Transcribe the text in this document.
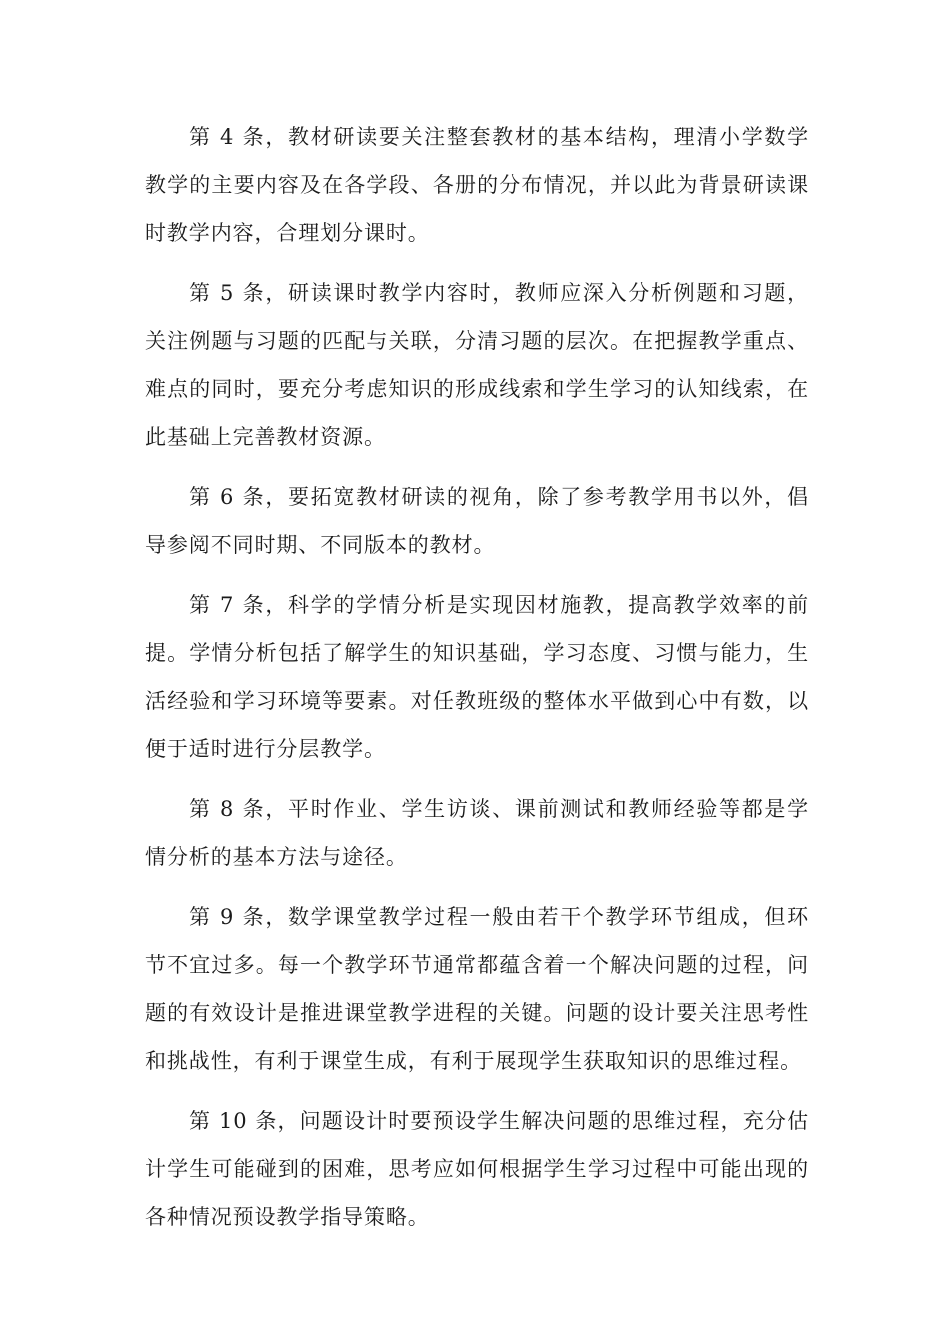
第 4 条，教材研读要关注整套教材的基本结构，理清小学数学教学的主要内容及在各学段、各册的分布情况，并以此为背景研读课时教学内容，合理划分课时。

第 5 条，研读课时教学内容时，教师应深入分析例题和习题，关注例题与习题的匹配与关联，分清习题的层次。在把握教学重点、难点的同时，要充分考虑知识的形成线索和学生学习的认知线索，在此基础上完善教材资源。

第 6 条，要拓宽教材研读的视角，除了参考教学用书以外，倡导参阅不同时期、不同版本的教材。

第 7 条，科学的学情分析是实现因材施教，提高教学效率的前提。学情分析包括了解学生的知识基础，学习态度、习惯与能力，生活经验和学习环境等要素。对任教班级的整体水平做到心中有数，以便于适时进行分层教学。

第 8 条，平时作业、学生访谈、课前测试和教师经验等都是学情分析的基本方法与途径。

第 9 条，数学课堂教学过程一般由若干个教学环节组成，但环节不宜过多。每一个教学环节通常都蕴含着一个解决问题的过程，问题的有效设计是推进课堂教学进程的关键。问题的设计要关注思考性和挑战性，有利于课堂生成，有利于展现学生获取知识的思维过程。

第 10 条，问题设计时要预设学生解决问题的思维过程，充分估计学生可能碰到的困难，思考应如何根据学生学习过程中可能出现的各种情况预设教学指导策略。
